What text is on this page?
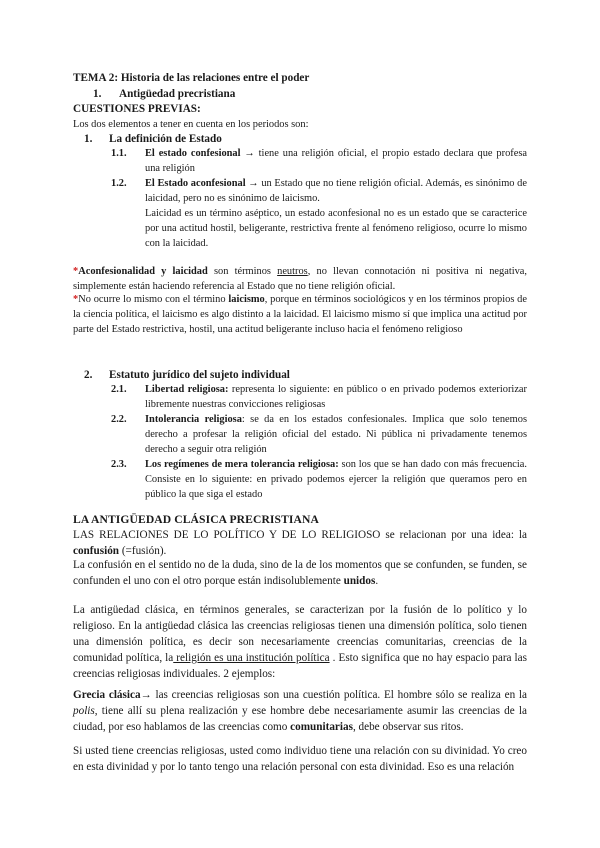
TEMA 2: Historia de las relaciones entre el poder
1. Antigüedad precristiana
CUESTIONES PREVIAS:
Los dos elementos a tener en cuenta en los periodos son:
1. La definición de Estado
1.1. El estado confesional → tiene una religión oficial, el propio estado declara que profesa una religión

1.2. El Estado aconfesional → un Estado que no tiene religión oficial. Además, es sinónimo de laicidad, pero no es sinónimo de laicismo.

Laicidad es un término aséptico, un estado aconfesional no es un estado que se caracterice por una actitud hostil, beligerante, restrictiva frente al fenómeno religioso, ocurre lo mismo con la laicidad.

*Aconfesionalidad y laicidad son términos neutros, no llevan connotación ni positiva ni negativa, simplemente están haciendo referencia al Estado que no tiene religión oficial.
*No ocurre lo mismo con el término laicismo, porque en términos sociológicos y en los términos propios de la ciencia política, el laicismo es algo distinto a la laicidad. El laicismo mismo sí que implica una actitud por parte del Estado restrictiva, hostil, una actitud beligerante incluso hacia el fenómeno religioso
2. Estatuto jurídico del sujeto individual
2.1. Libertad religiosa: representa lo siguiente: en público o en privado podemos exteriorizar libremente nuestras convicciones religiosas

2.2. Intolerancia religiosa: se da en los estados confesionales. Implica que solo tenemos derecho a profesar la religión oficial del estado. Ni pública ni privadamente tenemos derecho a seguir otra religión

2.3. Los regímenes de mera tolerancia religiosa: son los que se han dado con más frecuencia. Consiste en lo siguiente: en privado podemos ejercer la religión que queramos pero en público la que siga el estado

LA ANTIGÜEDAD CLÁSICA PRECRISTIANA
LAS RELACIONES DE LO POLÍTICO Y DE LO RELIGIOSO se relacionan por una idea: la confusión (=fusión).
La confusión en el sentido no de la duda, sino de la de los momentos que se confunden, se funden, se confunden el uno con el otro porque están indisolublemente unidos.
La antigüedad clásica, en términos generales, se caracterizan por la fusión de lo político y lo religioso. En la antigüedad clásica las creencias religiosas tienen una dimensión política, solo tienen una dimensión política, es decir son necesariamente creencias comunitarias, creencias de la comunidad política, la religión es una institución política . Esto significa que no hay espacio para las creencias religiosas individuales. 2 ejemplos:
Grecia clásica→ las creencias religiosas son una cuestión política. El hombre sólo se realiza en la polis, tiene allí su plena realización y ese hombre debe necesariamente asumir las creencias de la ciudad, por eso hablamos de las creencias como comunitarias, debe observar sus ritos.
Si usted tiene creencias religiosas, usted como individuo tiene una relación con su divinidad. Yo creo en esta divinidad y por lo tanto tengo una relación personal con esta divinidad. Eso es una relación
